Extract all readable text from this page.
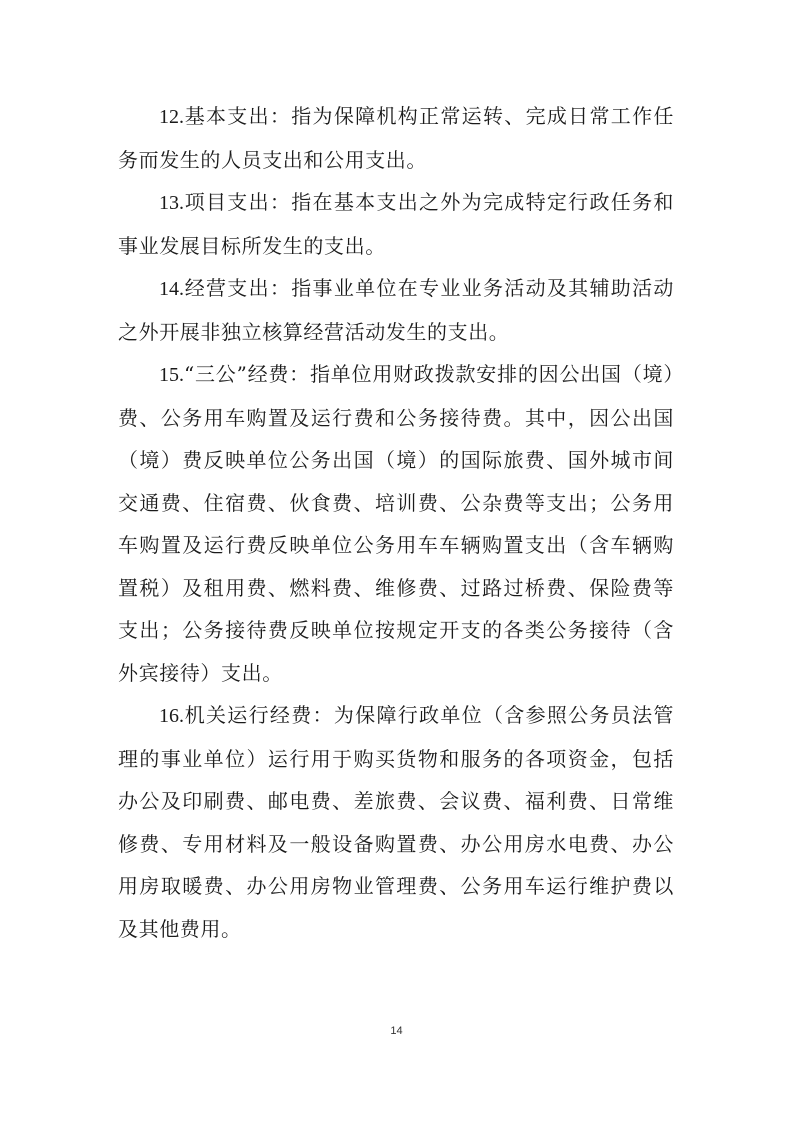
12.基本支出：指为保障机构正常运转、完成日常工作任务而发生的人员支出和公用支出。

13.项目支出：指在基本支出之外为完成特定行政任务和事业发展目标所发生的支出。

14.经营支出：指事业单位在专业业务活动及其辅助活动之外开展非独立核算经营活动发生的支出。

15.“三公”经费：指单位用财政拨款安排的因公出国（境）费、公务用车购置及运行费和公务接待费。其中，因公出国（境）费反映单位公务出国（境）的国际旅费、国外城市间交通费、住宿费、伙食费、培训费、公杂费等支出；公务用车购置及运行费反映单位公务用车车辆购置支出（含车辆购置税）及租用费、燃料费、维修费、过路过桥费、保险费等支出；公务接待费反映单位按规定开支的各类公务接待（含外宾接待）支出。

16.机关运行经费：为保障行政单位（含参照公务员法管理的事业单位）运行用于购买货物和服务的各项资金，包括办公及印刷费、邮电费、差旅费、会议费、福利费、日常维修费、专用材料及一般设备购置费、办公用房水电费、办公用房取暖费、办公用房物业管理费、公务用车运行维护费以及其他费用。

14
